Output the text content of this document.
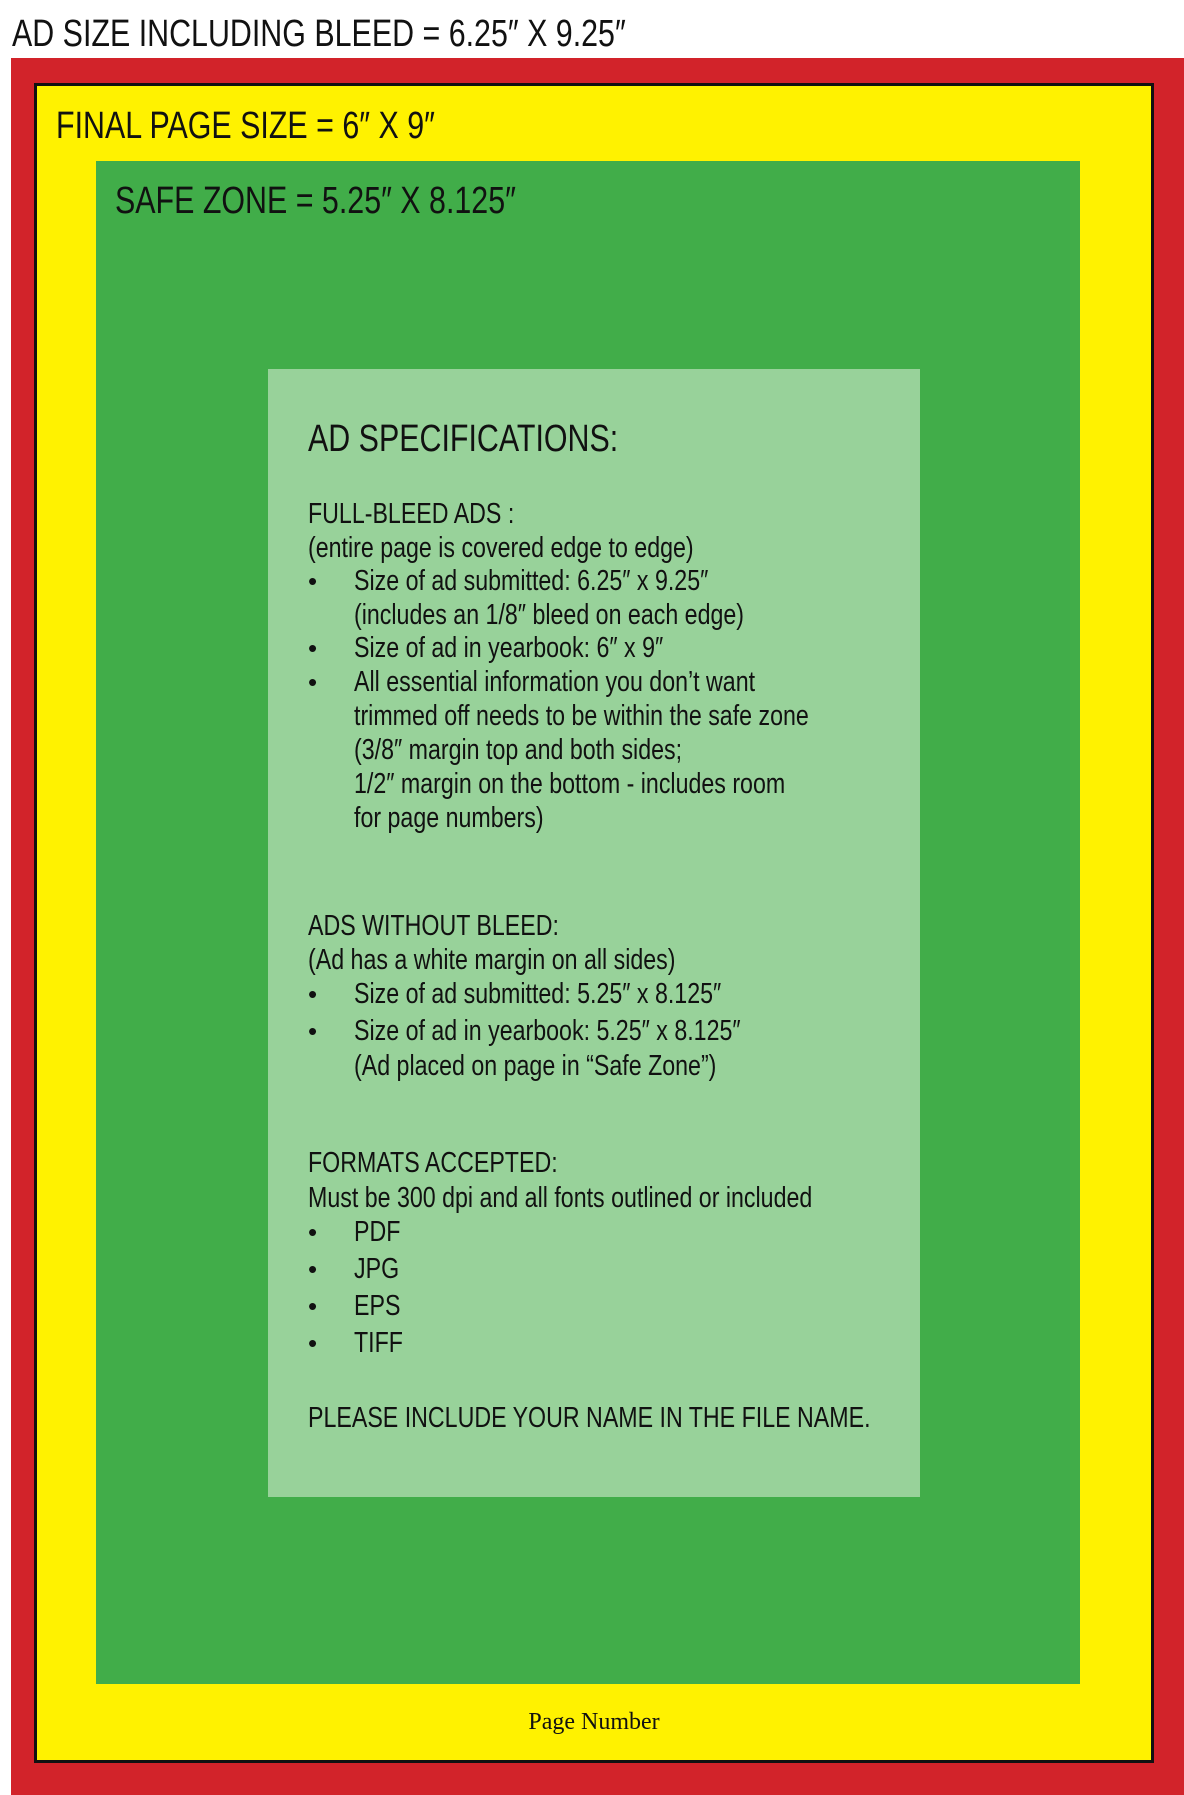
AD SIZE INCLUDING BLEED = 6.25″ X 9.25″
FINAL PAGE SIZE = 6″ X 9″
SAFE ZONE = 5.25″ X 8.125″
AD SPECIFICATIONS:
FULL-BLEED ADS :
(entire page is covered edge to edge)
• Size of ad submitted: 6.25″ x 9.25″
(includes an 1/8″ bleed on each edge)
• Size of ad in yearbook: 6″ x 9″
• All essential information you don’t want
trimmed off needs to be within the safe zone
(3/8″ margin top and both sides;
1/2″ margin on the bottom - includes room
for page numbers)
ADS WITHOUT BLEED:
(Ad has a white margin on all sides)
• Size of ad submitted: 5.25″ x 8.125″
• Size of ad in yearbook: 5.25″ x 8.125″
(Ad placed on page in “Safe Zone”)
FORMATS ACCEPTED:
Must be 300 dpi and all fonts outlined or included
• PDF
• JPG
• EPS
• TIFF
PLEASE INCLUDE YOUR NAME IN THE FILE NAME.
Page Number
